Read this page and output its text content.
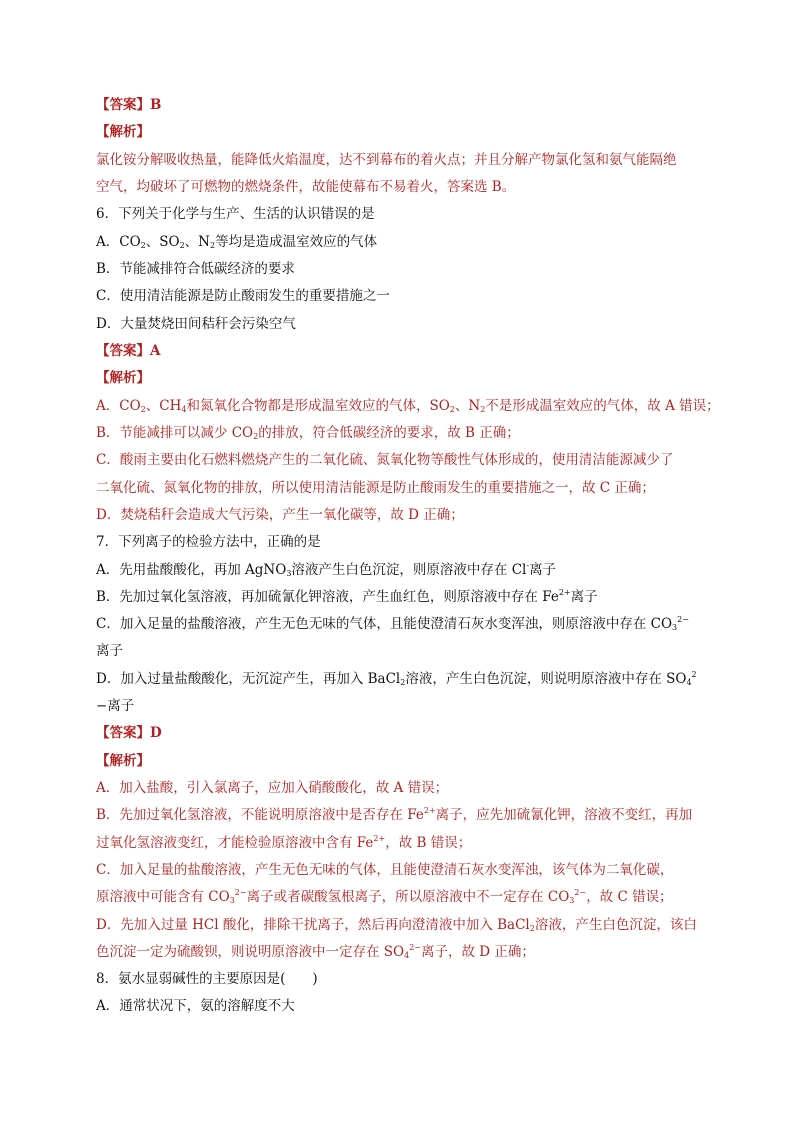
【答案】B
【解析】
氯化铵分解吸收热量，能降低火焰温度，达不到幕布的着火点；并且分解产物氯化氢和氨气能隔绝
空气，均破坏了可燃物的燃烧条件，故能使幕布不易着火，答案选 B。
6．下列关于化学与生产、生活的认识错误的是
A．$CO_2$、$SO_2$、$N_2$等均是造成温室效应的气体
B．节能减排符合低碳经济的要求
C．使用清洁能源是防止酸雨发生的重要措施之一
D．大量焚烧田间秸秆会污染空气
【答案】A
【解析】
A．$CO_2$、$CH_4$和氮氧化合物都是形成温室效应的气体，$SO_2$、$N_2$不是形成温室效应的气体，故 A 错误；
B．节能减排可以减少 $CO_2$的排放，符合低碳经济的要求，故 B 正确；
C．酸雨主要由化石燃料燃烧产生的二氧化硫、氮氧化物等酸性气体形成的，使用清洁能源减少了
二氧化硫、氮氧化物的排放，所以使用清洁能源是防止酸雨发生的重要措施之一，故 C 正确；
D．焚烧秸秆会造成大气污染，产生一氧化碳等，故 D 正确；
7．下列离子的检验方法中，正确的是
A．先用盐酸酸化，再加 AgNO$_3$溶液产生白色沉淀，则原溶液中存在 Cl-离子
B．先加过氧化氢溶液，再加硫氰化钾溶液，产生血红色，则原溶液中存在 $Fe^{2+}$离子
C．加入足量的盐酸溶液，产生无色无味的气体，且能使澄清石灰水变浑浊，则原溶液中存在 $CO_3^{2-}$
离子
D．加入过量盐酸酸化，无沉淀产生，再加入 BaCl$_2$溶液，产生白色沉淀，则说明原溶液中存在 $SO_4^2$
−离子
【答案】D
【解析】
A．加入盐酸，引入氯离子，应加入硝酸酸化，故 A 错误；
B．先加过氧化氢溶液，不能说明原溶液中是否存在 $Fe^{2+}$离子，应先加硫氰化钾，溶液不变红，再加
过氧化氢溶液变红，才能检验原溶液中含有 $Fe^{2+}$，故 B 错误；
C．加入足量的盐酸溶液，产生无色无味的气体，且能使澄清石灰水变浑浊，该气体为二氧化碳，
原溶液中可能含有 $CO_3^{2-}$离子或者碳酸氢根离子，所以原溶液中不一定存在 $CO_3^{2-}$，故 C 错误；
D．先加入过量 HCl 酸化，排除干扰离子，然后再向澄清液中加入 BaCl$_2$溶液，产生白色沉淀，该白
色沉淀一定为硫酸钡，则说明原溶液中一定存在 $SO_4^{2-}$离子，故 D 正确；
8．氨水显弱碱性的主要原因是(　　)
A．通常状况下，氨的溶解度不大
